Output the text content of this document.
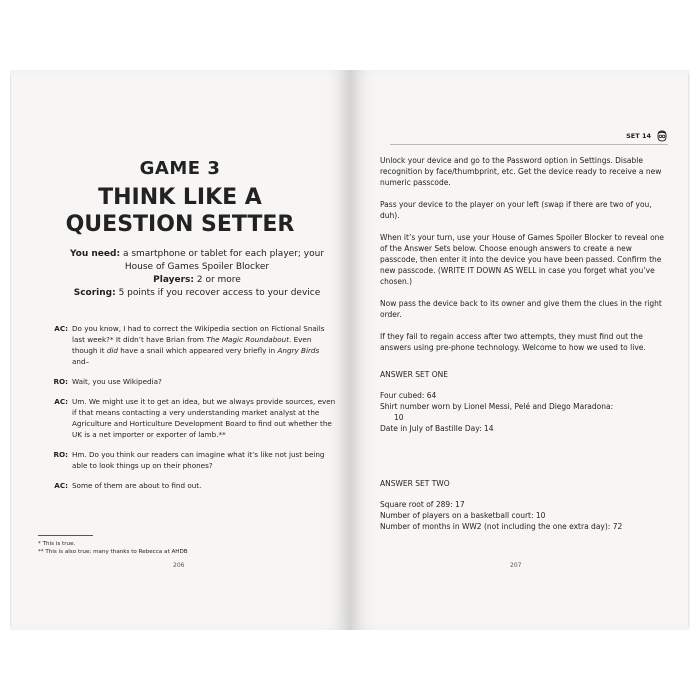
GAME 3
THINK LIKE A
QUESTION SETTER
You need: a smartphone or tablet for each player; your House of Games Spoiler Blocker
Players: 2 or more
Scoring: 5 points if you recover access to your device
AC: Do you know, I had to correct the Wikipedia section on Fictional Snails last week?* It didn’t have Brian from The Magic Roundabout. Even though it did have a snail which appeared very briefly in Angry Birds and–
RO: Wait, you use Wikipedia?
AC: Um. We might use it to get an idea, but we always provide sources, even if that means contacting a very understanding market analyst at the Agriculture and Horticulture Development Board to find out whether the UK is a net importer or exporter of lamb.**
RO: Hm. Do you think our readers can imagine what it’s like not just being able to look things up on their phones?
AC: Some of them are about to find out.
* This is true.
** This is also true; many thanks to Rebecca at AHDB
206
SET 14

Unlock your device and go to the Password option in Settings. Disable recognition by face/thumbprint, etc. Get the device ready to receive a new numeric passcode.

Pass your device to the player on your left (swap if there are two of you, duh).

When it’s your turn, use your House of Games Spoiler Blocker to reveal one of the Answer Sets below. Choose enough answers to create a new passcode, then enter it into the device you have been passed. Confirm the new passcode. (WRITE IT DOWN AS WELL in case you forget what you’ve chosen.)

Now pass the device back to its owner and give them the clues in the right order.

If they fail to regain access after two attempts, they must find out the answers using pre-phone technology. Welcome to how we used to live.

ANSWER SET ONE
Four cubed: 64
Shirt number worn by Lionel Messi, Pelé and Diego Maradona:
10
Date in July of Bastille Day: 14
ANSWER SET TWO
Square root of 289: 17
Number of players on a basketball court: 10
Number of months in WW2 (not including the one extra day): 72
207
